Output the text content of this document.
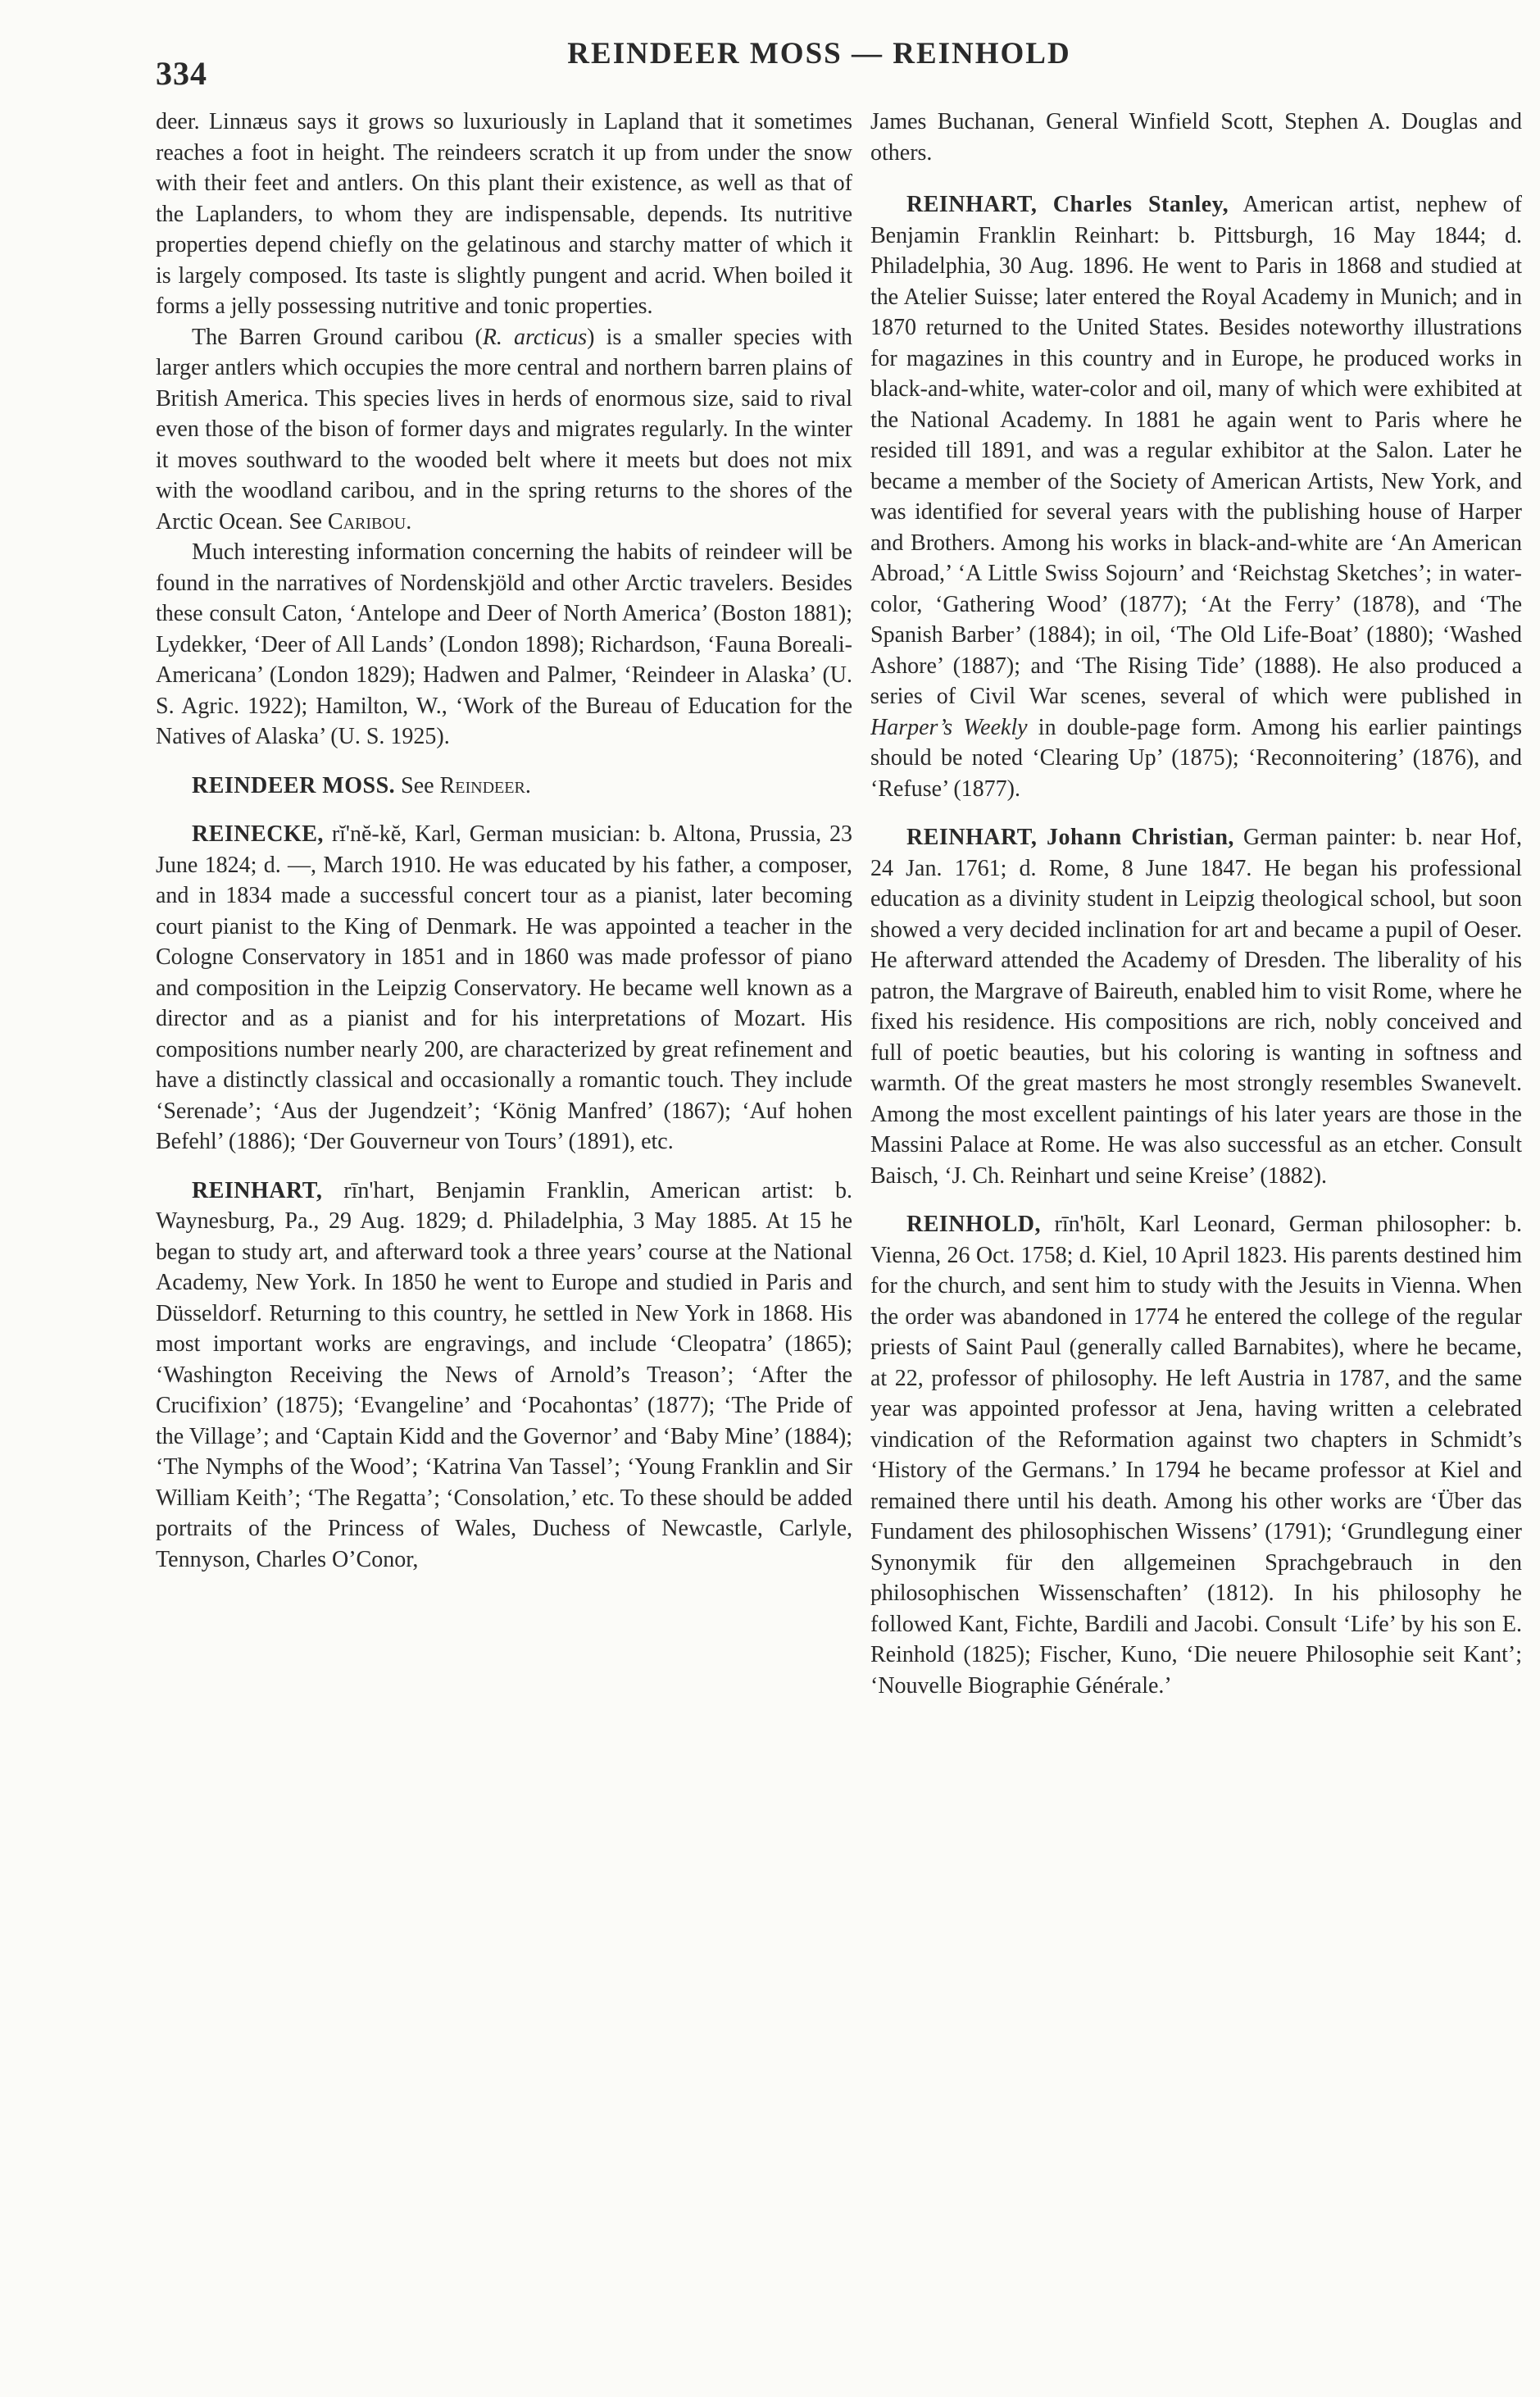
334
REINDEER MOSS — REINHOLD

deer. Linnæus says it grows so luxuriously in Lapland that it sometimes reaches a foot in height. The reindeers scratch it up from under the snow with their feet and antlers. On this plant their existence, as well as that of the Laplanders, to whom they are indispensable, depends. Its nutritive properties depend chiefly on the gelatinous and starchy matter of which it is largely composed. Its taste is slightly pungent and acrid. When boiled it forms a jelly possessing nutritive and tonic properties.

The Barren Ground caribou (R. arcticus) is a smaller species with larger antlers which occupies the more central and northern barren plains of British America. This species lives in herds of enormous size, said to rival even those of the bison of former days and migrates regularly. In the winter it moves southward to the wooded belt where it meets but does not mix with the woodland caribou, and in the spring returns to the shores of the Arctic Ocean. See Caribou.

Much interesting information concerning the habits of reindeer will be found in the narratives of Nordenskjöld and other Arctic travelers. Besides these consult Caton, ‘Antelope and Deer of North America’ (Boston 1881); Lydekker, ‘Deer of All Lands’ (London 1898); Richardson, ‘Fauna Boreali-Americana’ (London 1829); Hadwen and Palmer, ‘Reindeer in Alaska’ (U. S. Agric. 1922); Hamilton, W., ‘Work of the Bureau of Education for the Natives of Alaska’ (U. S. 1925).

REINDEER MOSS. See Reindeer.

REINECKE, rĭ'nĕ-kĕ, Karl, German musician: b. Altona, Prussia, 23 June 1824; d. —, March 1910. He was educated by his father, a composer, and in 1834 made a successful concert tour as a pianist, later becoming court pianist to the King of Denmark. He was appointed a teacher in the Cologne Conservatory in 1851 and in 1860 was made professor of piano and composition in the Leipzig Conservatory. He became well known as a director and as a pianist and for his interpretations of Mozart. His compositions number nearly 200, are characterized by great refinement and have a distinctly classical and occasionally a romantic touch. They include ‘Serenade’; ‘Aus der Jugendzeit’; ‘König Manfred’ (1867); ‘Auf hohen Befehl’ (1886); ‘Der Gouverneur von Tours’ (1891), etc.

REINHART, rīn'hart, Benjamin Franklin, American artist: b. Waynesburg, Pa., 29 Aug. 1829; d. Philadelphia, 3 May 1885. At 15 he began to study art, and afterward took a three years’ course at the National Academy, New York. In 1850 he went to Europe and studied in Paris and Düsseldorf. Returning to this country, he settled in New York in 1868. His most important works are engravings, and include ‘Cleopatra’ (1865); ‘Washington Receiving the News of Arnold’s Treason’; ‘After the Crucifixion’ (1875); ‘Evangeline’ and ‘Pocahontas’ (1877); ‘The Pride of the Village’; and ‘Captain Kidd and the Governor’ and ‘Baby Mine’ (1884); ‘The Nymphs of the Wood’; ‘Katrina Van Tassel’; ‘Young Franklin and Sir William Keith’; ‘The Regatta’; ‘Consolation,’ etc. To these should be added portraits of the Princess of Wales, Duchess of Newcastle, Carlyle, Tennyson, Charles O’Conor,

James Buchanan, General Winfield Scott, Stephen A. Douglas and others.

REINHART, Charles Stanley, American artist, nephew of Benjamin Franklin Reinhart: b. Pittsburgh, 16 May 1844; d. Philadelphia, 30 Aug. 1896. He went to Paris in 1868 and studied at the Atelier Suisse; later entered the Royal Academy in Munich; and in 1870 returned to the United States. Besides noteworthy illustrations for magazines in this country and in Europe, he produced works in black-and-white, water-color and oil, many of which were exhibited at the National Academy. In 1881 he again went to Paris where he resided till 1891, and was a regular exhibitor at the Salon. Later he became a member of the Society of American Artists, New York, and was identified for several years with the publishing house of Harper and Brothers. Among his works in black-and-white are ‘An American Abroad,’ ‘A Little Swiss Sojourn’ and ‘Reichstag Sketches’; in water-color, ‘Gathering Wood’ (1877); ‘At the Ferry’ (1878), and ‘The Spanish Barber’ (1884); in oil, ‘The Old Life-Boat’ (1880); ‘Washed Ashore’ (1887); and ‘The Rising Tide’ (1888). He also produced a series of Civil War scenes, several of which were published in Harper’s Weekly in double-page form. Among his earlier paintings should be noted ‘Clearing Up’ (1875); ‘Reconnoitering’ (1876), and ‘Refuse’ (1877).

REINHART, Johann Christian, German painter: b. near Hof, 24 Jan. 1761; d. Rome, 8 June 1847. He began his professional education as a divinity student in Leipzig theological school, but soon showed a very decided inclination for art and became a pupil of Oeser. He afterward attended the Academy of Dresden. The liberality of his patron, the Margrave of Baireuth, enabled him to visit Rome, where he fixed his residence. His compositions are rich, nobly conceived and full of poetic beauties, but his coloring is wanting in softness and warmth. Of the great masters he most strongly resembles Swanevelt. Among the most excellent paintings of his later years are those in the Massini Palace at Rome. He was also successful as an etcher. Consult Baisch, ‘J. Ch. Reinhart und seine Kreise’ (1882).

REINHOLD, rīn'hōlt, Karl Leonard, German philosopher: b. Vienna, 26 Oct. 1758; d. Kiel, 10 April 1823. His parents destined him for the church, and sent him to study with the Jesuits in Vienna. When the order was abandoned in 1774 he entered the college of the regular priests of Saint Paul (generally called Barnabites), where he became, at 22, professor of philosophy. He left Austria in 1787, and the same year was appointed professor at Jena, having written a celebrated vindication of the Reformation against two chapters in Schmidt’s ‘History of the Germans.’ In 1794 he became professor at Kiel and remained there until his death. Among his other works are ‘Über das Fundament des philosophischen Wissens’ (1791); ‘Grundlegung einer Synonymik für den allgemeinen Sprachgebrauch in den philosophischen Wissenschaften’ (1812). In his philosophy he followed Kant, Fichte, Bardili and Jacobi. Consult ‘Life’ by his son E. Reinhold (1825); Fischer, Kuno, ‘Die neuere Philosophie seit Kant’; ‘Nouvelle Biographie Générale.’
